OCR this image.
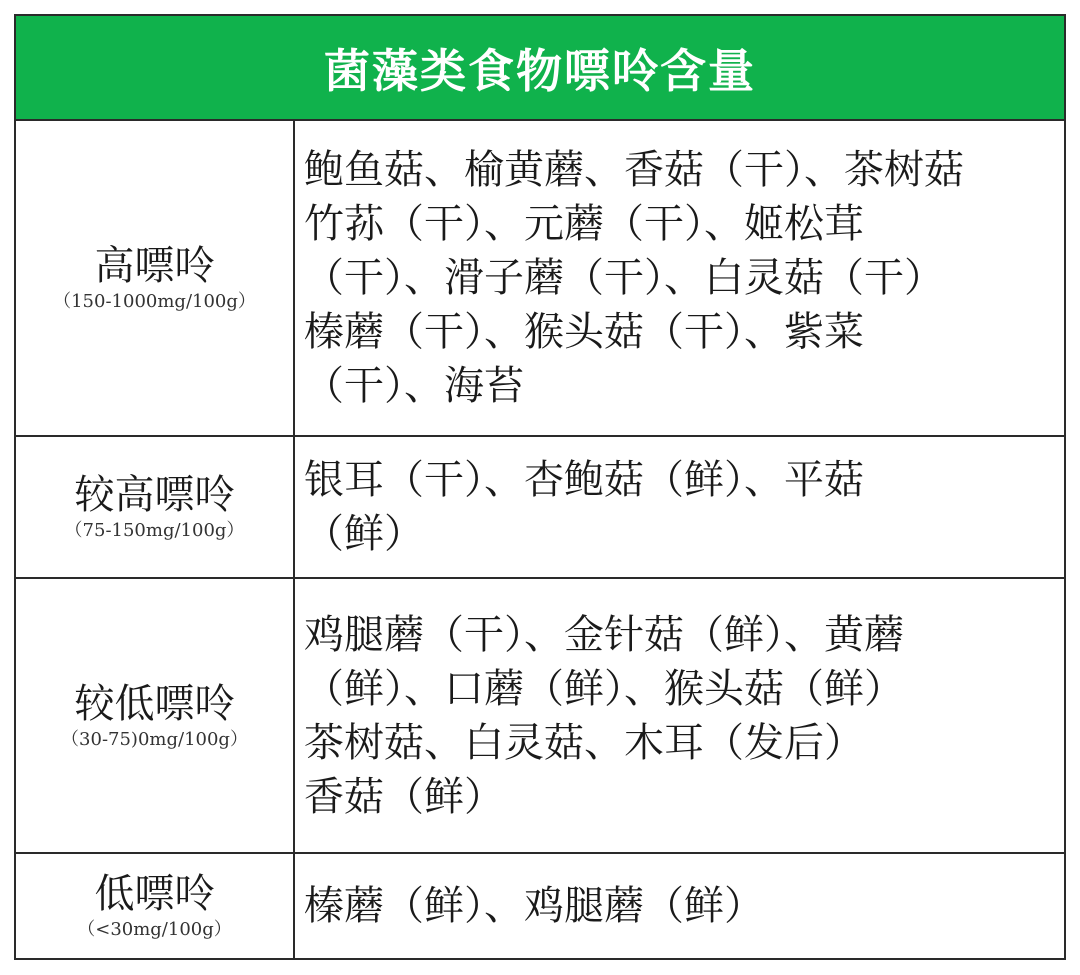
菌藻类食物嘌呤含量
高嘌呤
（150-1000mg/100g）
鲍鱼菇、榆黄蘑、香菇（干）、茶树菇
竹荪（干）、元蘑（干）、姬松茸
（干）、滑子蘑（干）、白灵菇（干）
榛蘑（干）、猴头菇（干）、紫菜
（干）、海苔
较高嘌呤
（75-150mg/100g）
银耳（干）、杏鲍菇（鲜）、平菇
（鲜）
较低嘌呤
（30-75)0mg/100g）
鸡腿蘑（干）、金针菇（鲜）、黄蘑
（鲜）、口蘑（鲜）、猴头菇（鲜）
茶树菇、白灵菇、木耳（发后）
香菇（鲜）
低嘌呤
（<30mg/100g）
榛蘑（鲜）、鸡腿蘑（鲜）
